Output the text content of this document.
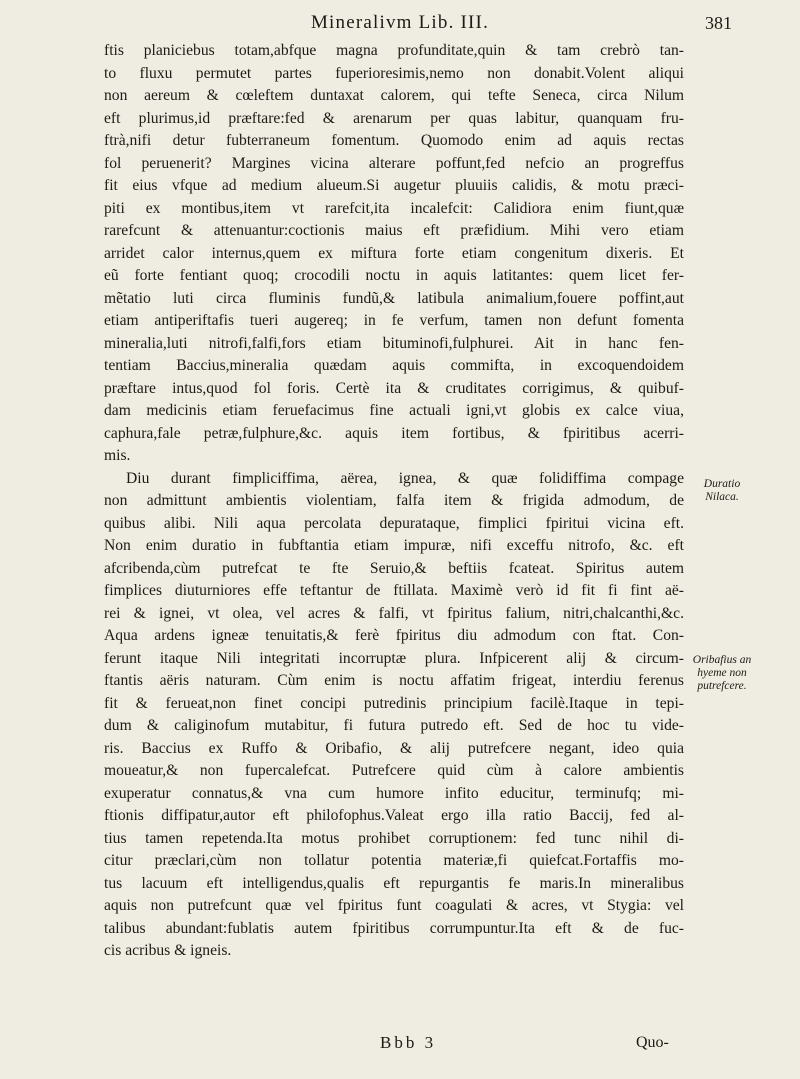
Mineralivm Lib. III.	381
ftis planiciebus totam,abfque magna profunditate,quin & tam crebrò tan-
to fluxu permutet partes fuperioresimis,nemo non donabit.Volent aliqui
non aereum & cœleftem duntaxat calorem, qui tefte Seneca, circa Nilum
eft plurimus,id præftare:fed & arenarum per quas labitur, quanquam fru-
ftrà,nifi detur fubterraneum fomentum. Quomodo enim ad aquis rectas
fol peruenerit? Margines vicina alterare poffunt,fed nefcio an progreffus
fit eius vfque ad medium alueum.Si augetur pluuiis calidis, & motu præci-
piti ex montibus,item vt rarefcit,ita incalefcit: Calidiora enim fiunt,quæ
rarefcunt & attenuantur:coctionis maius eft præfidium. Mihi vero etiam
arridet calor internus,quem ex miftura forte etiam congenitum dixeris. Et
eũ forte fentiant quoq; crocodili noctu in aquis latitantes: quem licet fer-
mẽtatio luti circa fluminis fundũ,& latibula animalium,fouere poffint,aut
etiam antiperiftafis tueri augereq; in fe verfum, tamen non defunt fomenta
mineralia,luti nitrofi,falfi,fors etiam bituminofi,fulphurei. Ait in hanc fen-
tentiam Baccius,mineralia quædam aquis commifta, in excoquendoidem
præftare intus,quod fol foris. Certè ita & cruditates corrigimus, & quibuf-
dam medicinis etiam feruefacimus fine actuali igni,vt globis ex calce viua,
caphura,fale petræ,fulphure,&c. aquis item fortibus, & fpiritibus acerri-
mis.
Diu durant fimpliciffima, aërea, ignea, & quæ folidiffima compage
non admittunt ambientis violentiam, falfa item & frigida admodum, de
quibus alibi. Nili aqua percolata depurataque, fimplici fpiritui vicina eft.
Non enim duratio in fubftantia etiam impuræ, nifi exceffu nitrofo, &c. eft
afcribenda,cùm putrefcat te fte Seruio,& beftiis fcateat. Spiritus autem
fimplices diuturniores effe teftantur de ftillata. Maximè verò id fit fi fint aë-
rei & ignei, vt olea, vel acres & falfi, vt fpiritus falium, nitri,chalcanthi,&c.
Aqua ardens igneæ tenuitatis,& ferè fpiritus diu admodum con ftat. Con-
ferunt itaque Nili integritati incorruptæ plura. Infpicerent alij & circum-
ftantis aëris naturam. Cùm enim is noctu affatim frigeat, interdiu ferenus
fit & ferueat,non finet concipi putredinis principium facilè.Itaque in tepi-
dum & caliginofum mutabitur, fi futura putredo eft. Sed de hoc tu vide-
ris. Baccius ex Ruffo & Oribafio, & alij putrefcere negant, ideo quia
moueatur,& non fupercalefcat. Putrefcere quid cùm à calore ambientis
exuperatur connatus,& vna cum humore infito educitur, terminufq; mi-
ftionis diffipatur,autor eft philofophus.Valeat ergo illa ratio Baccij, fed al-
tius tamen repetenda.Ita motus prohibet corruptionem: fed tunc nihil di-
citur præclari,cùm non tollatur potentia materiæ,fi quiefcat.Fortaffis mo-
tus lacuum eft intelligendus,qualis eft repurgantis fe maris.In mineralibus
aquis non putrefcunt quæ vel fpiritus funt coagulati & acres, vt Stygia: vel
talibus abundant:fublatis autem fpiritibus corrumpuntur.Ita eft & de fuc-
cis acribus & igneis.
Duratio Nilaca.
Oribafius an hyeme non putrefcere.
Bbb 3	Quo-
